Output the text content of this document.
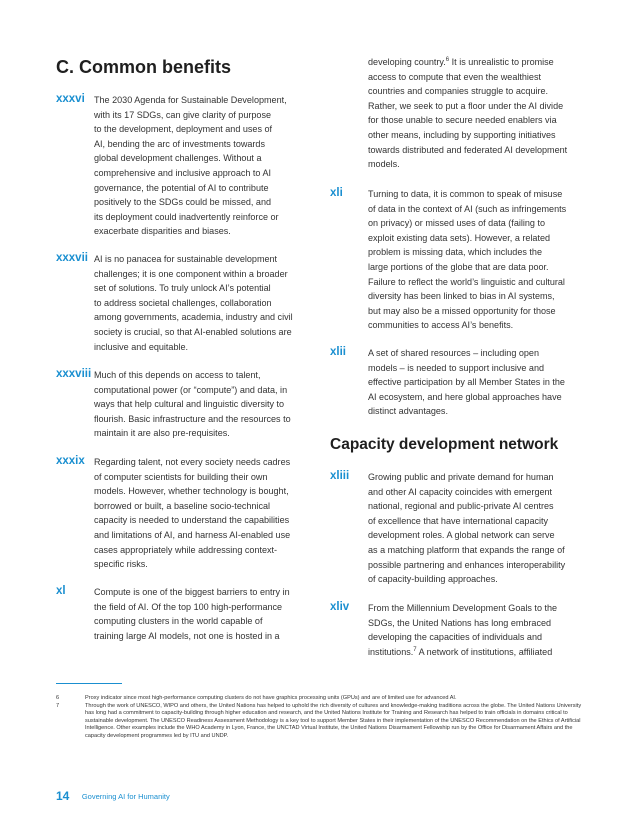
C. Common benefits
xxxvi The 2030 Agenda for Sustainable Development,
with its 17 SDGs, can give clarity of purpose
to the development, deployment and uses of
AI, bending the arc of investments towards
global development challenges. Without a
comprehensive and inclusive approach to AI
governance, the potential of AI to contribute
positively to the SDGs could be missed, and
its deployment could inadvertently reinforce or
exacerbate disparities and biases.
xxxvii AI is no panacea for sustainable development
challenges; it is one component within a broader
set of solutions. To truly unlock AI’s potential
to address societal challenges, collaboration
among governments, academia, industry and civil
society is crucial, so that AI-enabled solutions are
inclusive and equitable.
xxxviii Much of this depends on access to talent,
computational power (or “compute”) and data, in
ways that help cultural and linguistic diversity to
flourish. Basic infrastructure and the resources to
maintain it are also pre-requisites.
xxxix Regarding talent, not every society needs cadres
of computer scientists for building their own
models. However, whether technology is bought,
borrowed or built, a baseline socio-technical
capacity is needed to understand the capabilities
and limitations of AI, and harness AI-enabled use
cases appropriately while addressing context-
specific risks.
xl	Compute is one of the biggest barriers to entry in
the field of AI. Of the top 100 high-performance
computing clusters in the world capable of
training large AI models, not one is hosted in a
developing country.$^6$ It is unrealistic to promise
access to compute that even the wealthiest
countries and companies struggle to acquire.
Rather, we seek to put a floor under the AI divide
for those unable to secure needed enablers via
other means, including by supporting initiatives
towards distributed and federated AI development
models.
xli	Turning to data, it is common to speak of misuse
of data in the context of AI (such as infringements
on privacy) or missed uses of data (failing to
exploit existing data sets). However, a related
problem is missing data, which includes the
large portions of the globe that are data poor.
Failure to reflect the world’s linguistic and cultural
diversity has been linked to bias in AI systems,
but may also be a missed opportunity for those
communities to access AI’s benefits.
xlii A set of shared resources – including open
models – is needed to support inclusive and
effective participation by all Member States in the
AI ecosystem, and here global approaches have
distinct advantages.
Capacity development network
xliii Growing public and private demand for human
and other AI capacity coincides with emergent
national, regional and public-private AI centres
of excellence that have international capacity
development roles. A global network can serve
as a matching platform that expands the range of
possible partnering and enhances interoperability
of capacity-building approaches.
xliv From the Millennium Development Goals to the
SDGs, the United Nations has long embraced
developing the capacities of individuals and
institutions.$^7$ A network of institutions, affiliated
6	Proxy indicator since most high-performance computing clusters do not have graphics processing units (GPUs) and are of limited use for advanced AI.
7	Through the work of UNESCO, WIPO and others, the United Nations has helped to uphold the rich diversity of cultures and knowledge-making traditions across the globe. The United Nations University has long had a commitment to capacity-building through higher education and research, and the United Nations Institute for Training and Research has helped to train officials in domains critical to sustainable development. The UNESCO Readiness Assessment Methodology is a key tool to support Member States in their implementation of the UNESCO Recommendation on the Ethics of Artificial Intelligence. Other examples include the WHO Academy in Lyon, France, the UNCTAD Virtual Institute, the United Nations Disarmament Fellowship run by the Office for Disarmament Affairs and the capacity development programmes led by ITU and UNDP.
14 Governing AI for Humanity
